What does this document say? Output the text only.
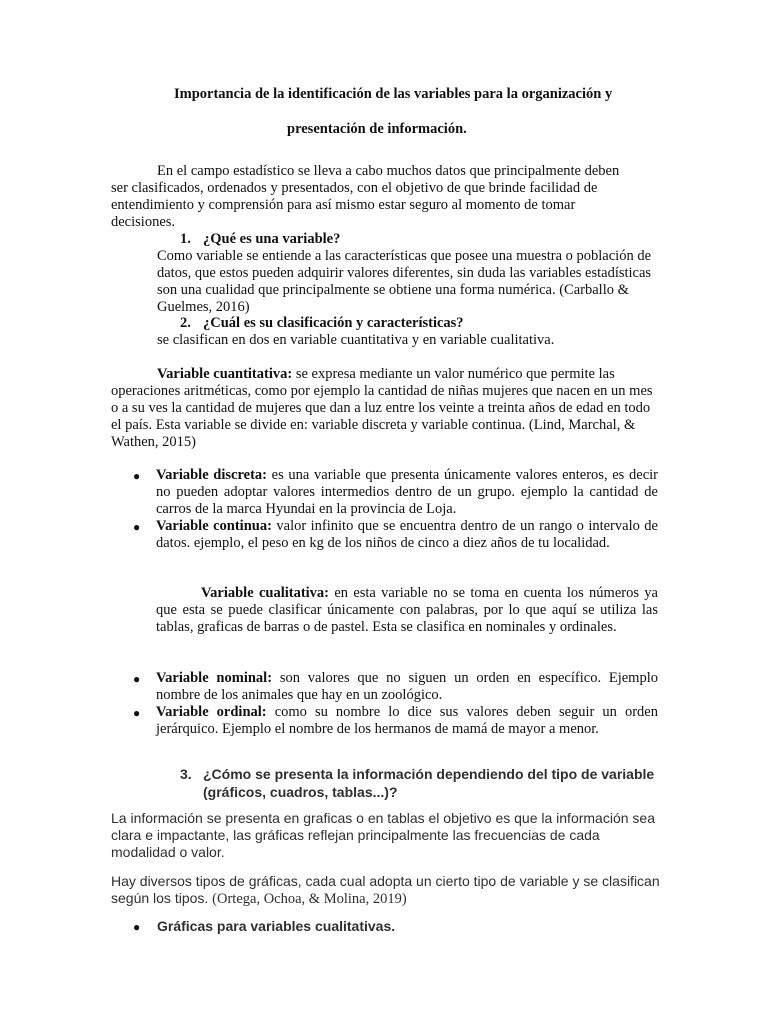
Importancia de la identificación de las variables para la organización y
presentación de información.
En el campo estadístico se lleva a cabo muchos datos que principalmente deben ser clasificados, ordenados y presentados, con el objetivo de que brinde facilidad de entendimiento y comprensión para así mismo estar seguro al momento de tomar decisiones.
1. ¿Qué es una variable?
Como variable se entiende a las características que posee una muestra o población de datos, que estos pueden adquirir valores diferentes, sin duda las variables estadísticas son una cualidad que principalmente se obtiene una forma numérica. (Carballo & Guelmes, 2016)
2. ¿Cuál es su clasificación y características?
se clasifican en dos en variable cuantitativa y en variable cualitativa.
Variable cuantitativa: se expresa mediante un valor numérico que permite las operaciones aritméticas, como por ejemplo la cantidad de niñas mujeres que nacen en un mes o a su ves la cantidad de mujeres que dan a luz entre los veinte a treinta años de edad en todo el país. Esta variable se divide en: variable discreta y variable continua. (Lind, Marchal, & Wathen, 2015)
● Variable discreta: es una variable que presenta únicamente valores enteros, es decir no pueden adoptar valores intermedios dentro de un grupo. ejemplo la cantidad de carros de la marca Hyundai en la provincia de Loja.
● Variable continua: valor infinito que se encuentra dentro de un rango o intervalo de datos. ejemplo, el peso en kg de los niños de cinco a diez años de tu localidad.
Variable cualitativa: en esta variable no se toma en cuenta los números ya que esta se puede clasificar únicamente con palabras, por lo que aquí se utiliza las tablas, graficas de barras o de pastel. Esta se clasifica en nominales y ordinales.
● Variable nominal: son valores que no siguen un orden en específico. Ejemplo nombre de los animales que hay en un zoológico.
● Variable ordinal: como su nombre lo dice sus valores deben seguir un orden jerárquico. Ejemplo el nombre de los hermanos de mamá de mayor a menor.
3. ¿Cómo se presenta la información dependiendo del tipo de variable
(gráficos, cuadros, tablas...)?
La información se presenta en graficas o en tablas el objetivo es que la información sea clara e impactante, las gráficas reflejan principalmente las frecuencias de cada modalidad o valor.
Hay diversos tipos de gráficas, cada cual adopta un cierto tipo de variable y se clasifican según los tipos. (Ortega, Ochoa, & Molina, 2019)
● Gráficas para variables cualitativas.
